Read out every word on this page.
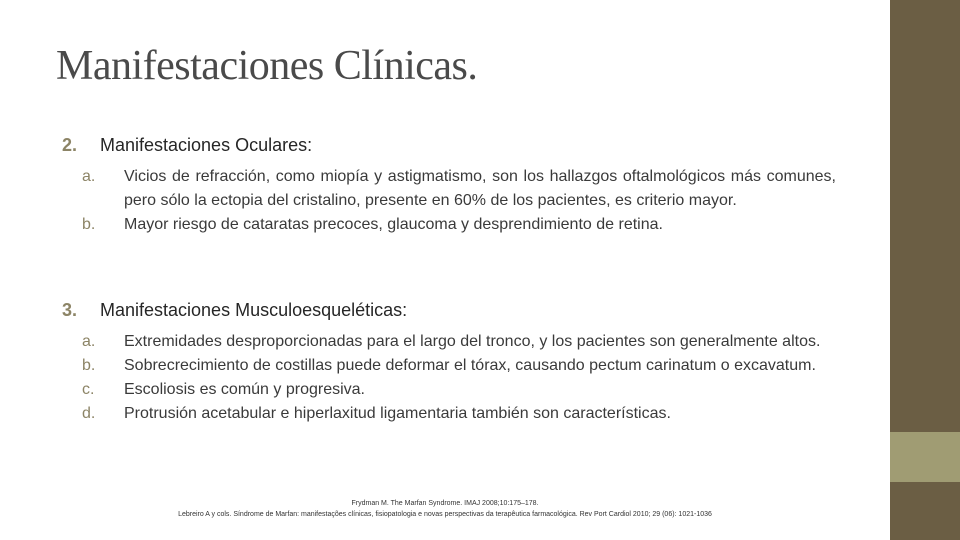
Manifestaciones Clínicas.
2. Manifestaciones Oculares:
a. Vicios de refracción, como miopía y astigmatismo, son los hallazgos oftalmológicos más comunes, pero sólo la ectopia del cristalino, presente en 60% de los pacientes, es criterio mayor.
b. Mayor riesgo de cataratas precoces, glaucoma y desprendimiento de retina.
3. Manifestaciones Musculoesqueléticas:
a. Extremidades desproporcionadas para el largo del tronco, y los pacientes son generalmente altos.
b. Sobrecrecimiento de costillas puede deformar el tórax, causando pectum carinatum o excavatum.
c. Escoliosis es común y progresiva.
d. Protrusión acetabular e hiperlaxitud ligamentaria también son características.
Frydman M. The Marfan Syndrome. IMAJ 2008;10:175–178.
Lebreiro A y cols. Síndrome de Marfan: manifestações clínicas, fisiopatologia e novas perspectivas da terapêutica farmacológica. Rev Port Cardiol 2010; 29 (06): 1021-1036
